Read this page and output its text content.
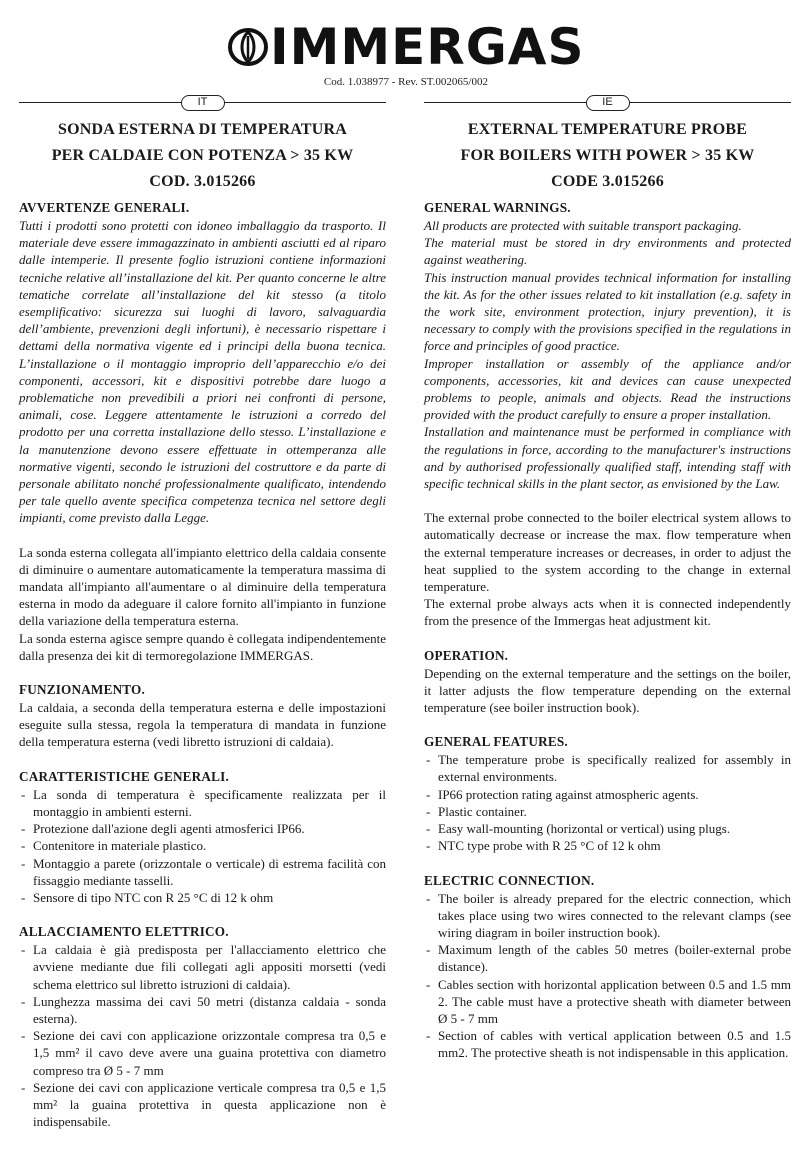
IMMERGAS
Cod. 1.038977 - Rev. ST.002065/002
IT
SONDA ESTERNA DI TEMPERATURA
PER CALDAIE CON POTENZA > 35 KW
COD. 3.015266
AVVERTENZE GENERALI.

Tutti i prodotti sono protetti con idoneo imballaggio da trasporto. Il materiale deve essere immagazzinato in ambienti asciutti ed al riparo dalle intemperie. Il presente foglio istruzioni contiene informazioni tecniche relative all’installazione del kit. Per quanto concerne le altre tematiche correlate all’installazione del kit stesso (a titolo esemplificativo: sicurezza sui luoghi di lavoro, salvaguardia dell’ambiente, prevenzioni degli infortuni), è necessario rispettare i dettami della normativa vigente ed i principi della buona tecnica. L’installazione o il montaggio improprio dell’apparecchio e/o dei componenti, accessori, kit e dispositivi potrebbe dare luogo a problematiche non prevedibili a priori nei confronti di persone, animali, cose. Leggere attentamente le istruzioni a corredo del prodotto per una corretta installazione dello stesso. L’installazione e la manutenzione devono essere effettuate in ottemperanza alle normative vigenti, secondo le istruzioni del costruttore e da parte di personale abilitato nonché professionalmente qualificato, intendendo per tale quello avente specifica competenza tecnica nel settore degli impianti, come previsto dalla Legge.

La sonda esterna collegata all'impianto elettrico della caldaia consente di diminuire o aumentare automaticamente la temperatura massima di mandata all'impianto all'aumentare o al diminuire della temperatura esterna in modo da adeguare il calore fornito all'impianto in funzione della variazione della temperatura esterna.

La sonda esterna agisce sempre quando è collegata indipendentemente dalla presenza dei kit di termoregolazione IMMERGAS.

FUNZIONAMENTO.

La caldaia, a seconda della temperatura esterna e delle impostazioni eseguite sulla stessa, regola la temperatura di mandata in funzione della temperatura esterna (vedi libretto istruzioni di caldaia).

CARATTERISTICHE GENERALI.
- La sonda di temperatura è specificamente realizzata per il montaggio in ambienti esterni.
- Protezione dall'azione degli agenti atmosferici IP66.
- Contenitore in materiale plastico.
- Montaggio a parete (orizzontale o verticale) di estrema facilità con fissaggio mediante tasselli.
- Sensore di tipo NTC con R 25 °C di 12 k ohm
ALLACCIAMENTO ELETTRICO.
- La caldaia è già predisposta per l'allacciamento elettrico che avviene mediante due fili collegati agli appositi morsetti (vedi schema elettrico sul libretto istruzioni di caldaia).
- Lunghezza massima dei cavi 50 metri (distanza caldaia - sonda esterna).
- Sezione dei cavi con applicazione orizzontale compresa tra 0,5 e 1,5 mm² il cavo deve avere una guaina protettiva con diametro compreso tra Ø 5 - 7 mm
- Sezione dei cavi con applicazione verticale compresa tra 0,5 e 1,5 mm² la guaina protettiva in questa applicazione non è indispensabile.
IE
EXTERNAL TEMPERATURE PROBE
FOR BOILERS WITH POWER > 35 KW
CODE 3.015266
GENERAL WARNINGS.

All products are protected with suitable transport packaging.

The material must be stored in dry environments and protected against weathering.

This instruction manual provides technical information for installing the kit. As for the other issues related to kit installation (e.g. safety in the work site, environment protection, injury prevention), it is necessary to comply with the provisions specified in the regulations in force and principles of good practice.

Improper installation or assembly of the appliance and/or components, accessories, kit and devices can cause unexpected problems to people, animals and objects. Read the instructions provided with the product carefully to ensure a proper installation.

Installation and maintenance must be performed in compliance with the regulations in force, according to the manufacturer's instructions and by authorised professionally qualified staff, intending staff with specific technical skills in the plant sector, as envisioned by the Law.

The external probe connected to the boiler electrical system allows to automatically decrease or increase the max. flow temperature when the external temperature increases or decreases, in order to adjust the heat supplied to the system according to the change in external temperature.

The external probe always acts when it is connected independently from the presence of the Immergas heat adjustment kit.

OPERATION.

Depending on the external temperature and the settings on the boiler, it latter adjusts the flow temperature depending on the external temperature (see boiler instruction book).

GENERAL FEATURES.
- The temperature probe is specifically realized for assembly in external environments.
- IP66 protection rating against atmospheric agents.
- Plastic container.
- Easy wall-mounting (horizontal or vertical) using plugs.
- NTC type probe with R 25 °C of 12 k ohm
ELECTRIC CONNECTION.
- The boiler is already prepared for the electric connection, which takes place using two wires connected to the relevant clamps (see wiring diagram in boiler instruction book).
- Maximum length of the cables 50 metres (boiler-external probe distance).
- Cables section with horizontal application between 0.5 and 1.5 mm 2. The cable must have a protective sheath with diameter between Ø 5 - 7 mm
- Section of cables with vertical application between 0.5 and 1.5 mm2. The protective sheath is not indispensable in this application.
